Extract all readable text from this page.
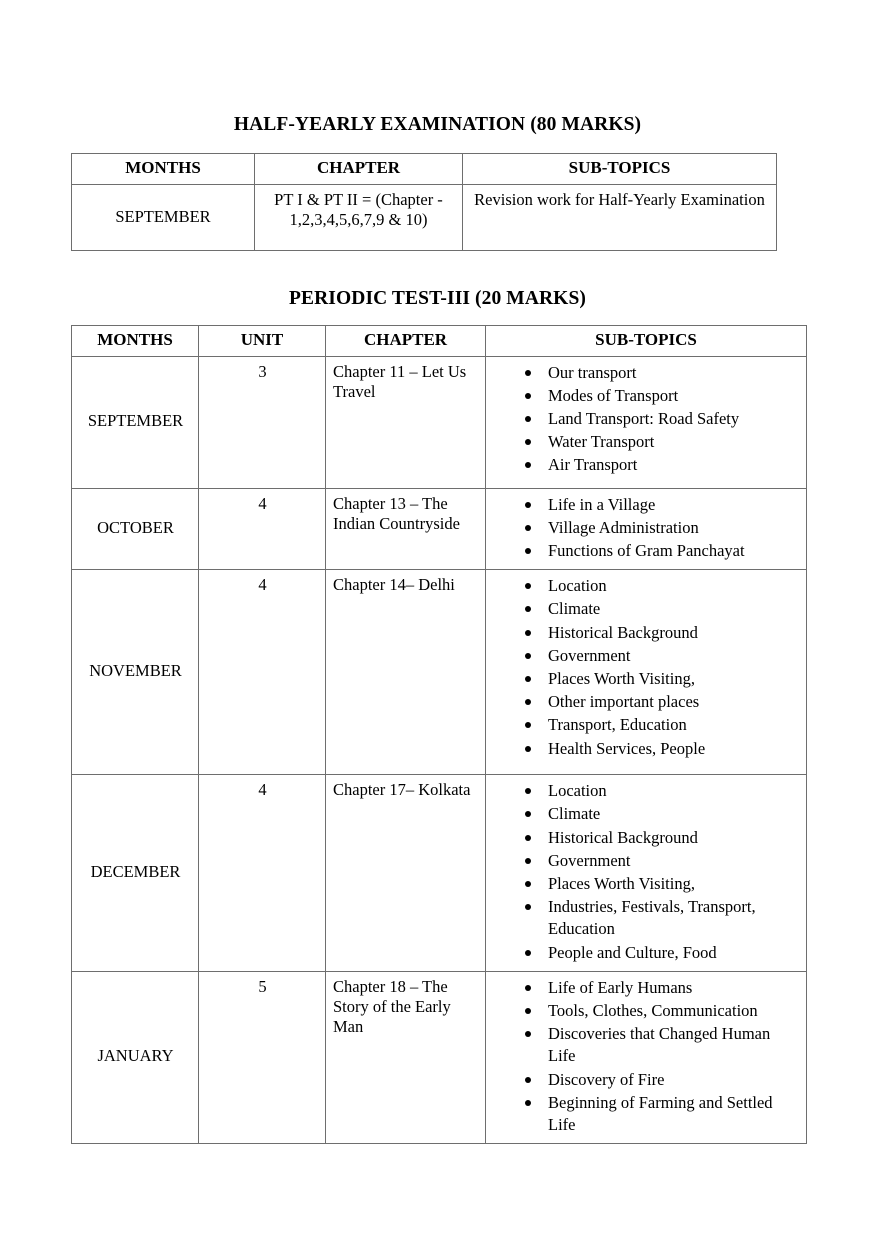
HALF-YEARLY EXAMINATION (80 MARKS)
MONTHS	CHAPTER	SUB-TOPICS
SEPTEMBER	PT I & PT II = (Chapter - 1,2,3,4,5,6,7,9 & 10)	Revision work for Half-Yearly Examination
PERIODIC TEST-III (20 MARKS)
MONTHS	UNIT	CHAPTER	SUB-TOPICS
SEPTEMBER	3	Chapter 11 – Let Us Travel	
Our transport
Modes of Transport
Land Transport: Road Safety
Water Transport
Air Transport

OCTOBER	4	Chapter 13 – The Indian Countryside	
Life in a Village
Village Administration
Functions of Gram Panchayat

NOVEMBER	4	Chapter 14– Delhi	Location
Climate
Historical Background
Government
Places Worth Visiting,
Other important places
Transport, Education
Health Services, People

DECEMBER	4	Chapter 17– Kolkata	Location
Climate
Historical Background
Government
Places Worth Visiting,
Industries, Festivals, Transport, Education
People and Culture, Food

JANUARY	5	Chapter 18 – The Story of the Early Man	
Life of Early Humans
Tools, Clothes, Communication
Discoveries that Changed Human Life
Discovery of Fire
Beginning of Farming and Settled Life
